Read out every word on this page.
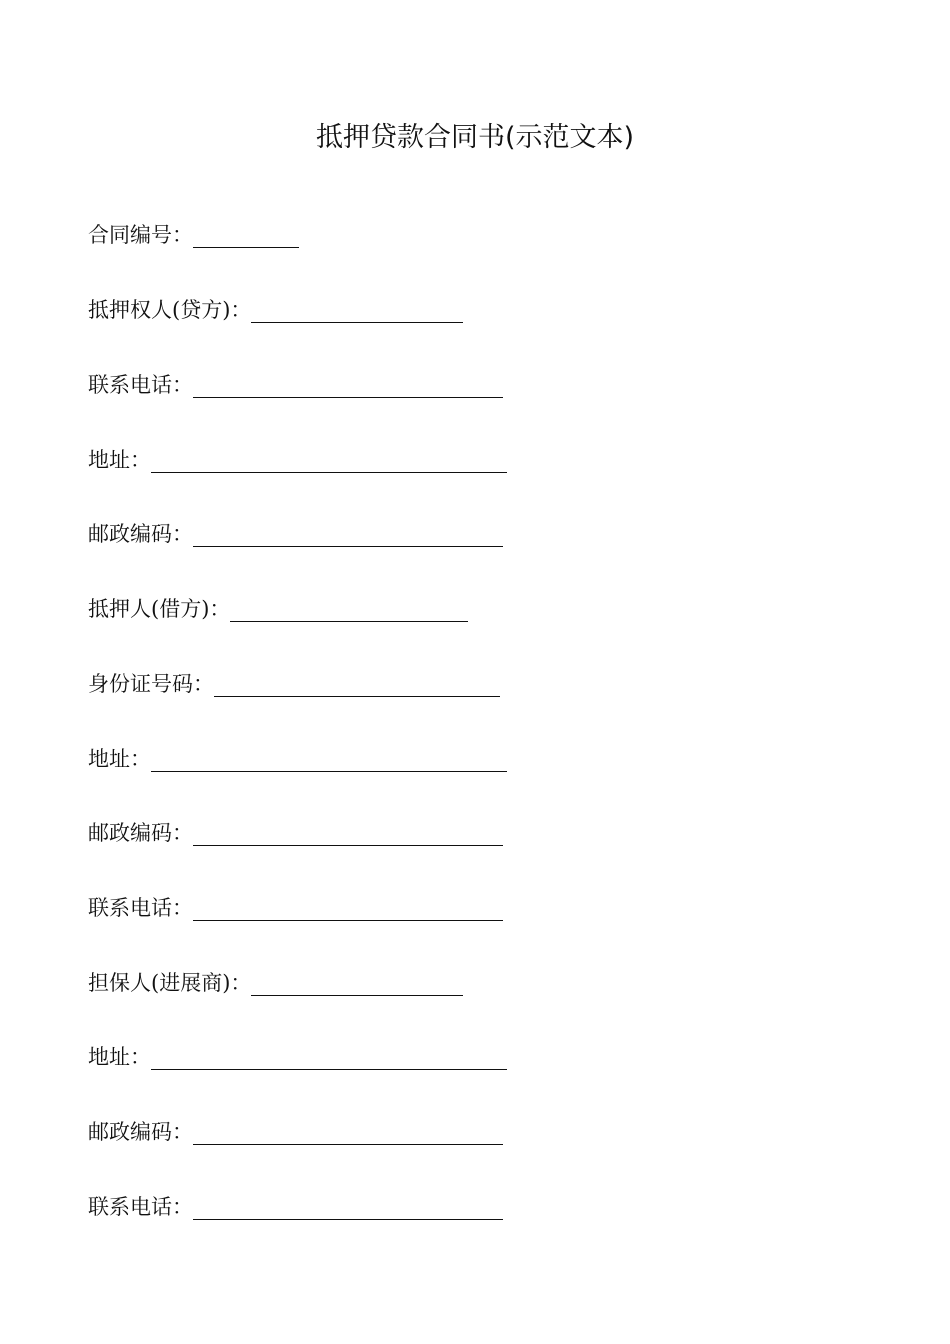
抵押贷款合同书(示范文本)
合同编号：
抵押权人(贷方)：
联系电话：
地址：
邮政编码：
抵押人(借方)：
身份证号码：
地址：
邮政编码：
联系电话：
担保人(进展商)：
地址：
邮政编码：
联系电话：
